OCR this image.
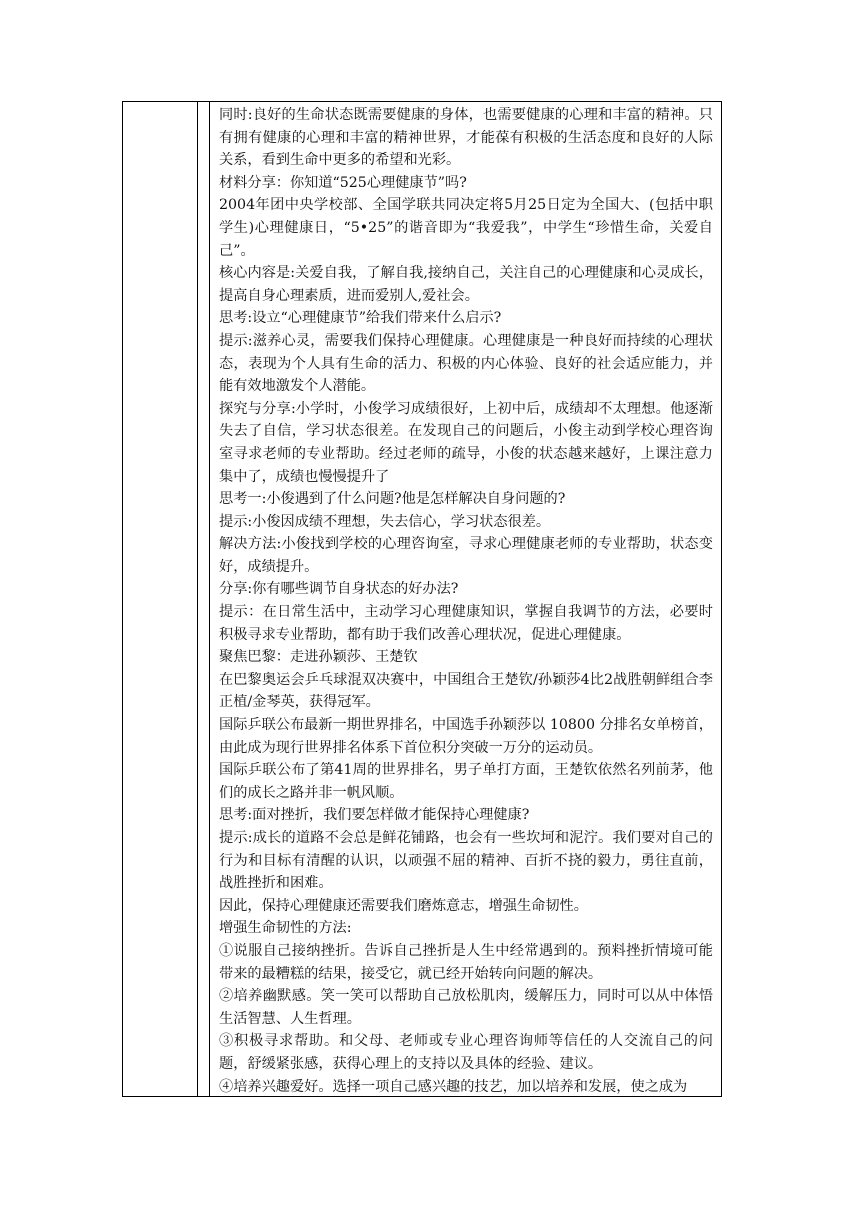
同时:良好的生命状态既需要健康的身体，也需要健康的心理和丰富的精神。只有拥有健康的心理和丰富的精神世界，才能葆有积极的生活态度和良好的人际关系，看到生命中更多的希望和光彩。

材料分享：你知道“525心理健康节”吗?

2004年团中央学校部、全国学联共同决定将5月25日定为全国大、(包括中职学生)心理健康日，“5•25”的谐音即为“我爱我”，中学生“珍惜生命，关爱自己”。

核心内容是:关爱自我，了解自我,接纳自己，关注自己的心理健康和心灵成长，提高自身心理素质，进而爱别人,爱社会。

思考:设立“心理健康节”给我们带来什么启示?

提示:滋养心灵，需要我们保持心理健康。心理健康是一种良好而持续的心理状态，表现为个人具有生命的活力、积极的内心体验、良好的社会适应能力，并能有效地激发个人潜能。

探究与分享:小学时，小俊学习成绩很好，上初中后，成绩却不太理想。他逐渐失去了自信，学习状态很差。在发现自己的问题后，小俊主动到学校心理咨询室寻求老师的专业帮助。经过老师的疏导，小俊的状态越来越好，上课注意力集中了，成绩也慢慢提升了

思考一:小俊遇到了什么问题?他是怎样解决自身问题的?

提示:小俊因成绩不理想，失去信心，学习状态很差。

解决方法:小俊找到学校的心理咨询室，寻求心理健康老师的专业帮助，状态变好，成绩提升。

分享:你有哪些调节自身状态的好办法?

提示：在日常生活中，主动学习心理健康知识，掌握自我调节的方法，必要时积极寻求专业帮助，都有助于我们改善心理状况，促进心理健康。

聚焦巴黎：走进孙颖莎、王楚钦

在巴黎奥运会乒乓球混双决赛中，中国组合王楚钦/孙颖莎4比2战胜朝鲜组合李正植/金琴英，获得冠军。

国际乒联公布最新一期世界排名，中国选手孙颖莎以 10800 分排名女单榜首，由此成为现行世界排名体系下首位积分突破一万分的运动员。

国际乒联公布了第41周的世界排名，男子单打方面，王楚钦依然名列前茅，他们的成长之路并非一帆风顺。

思考:面对挫折，我们要怎样做才能保持心理健康?

提示:成长的道路不会总是鲜花铺路，也会有一些坎坷和泥泞。我们要对自己的行为和目标有清醒的认识，以顽强不屈的精神、百折不挠的毅力，勇往直前，战胜挫折和困难。

因此，保持心理健康还需要我们磨炼意志，增强生命韧性。

增强生命韧性的方法:

①说服自己接纳挫折。告诉自己挫折是人生中经常遇到的。预料挫折情境可能带来的最糟糕的结果，接受它，就已经开始转向问题的解决。

②培养幽默感。笑一笑可以帮助自己放松肌肉，缓解压力，同时可以从中体悟生活智慧、人生哲理。

③积极寻求帮助。和父母、老师或专业心理咨询师等信任的人交流自己的问题，舒缓紧张感，获得心理上的支持以及具体的经验、建议。

④培养兴趣爱好。选择一项自己感兴趣的技艺，加以培养和发展，使之成为
